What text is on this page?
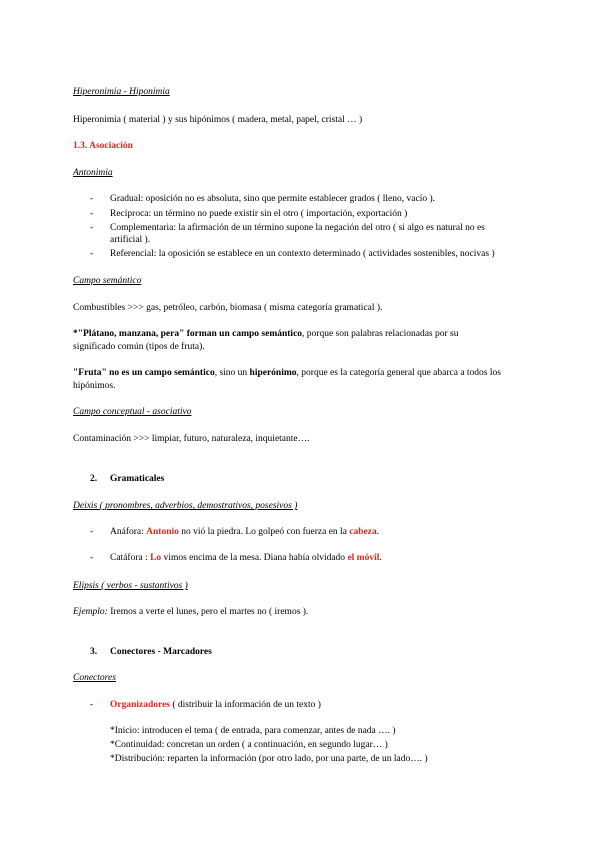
Hiperonimia - Hiponimia
Hiperonimia ( material ) y sus hipónimos ( madera, metal, papel, cristal … )
1.3. Asociación
Antonimia
- Gradual: oposición no es absoluta, sino que permite establecer grados ( lleno, vacío ).
- Recíproca: un término no puede existir sin el otro ( importación, exportación )
- Complementaria: la afirmación de un término supone la negación del otro ( si algo es natural no es
artificial ).
- Referencial: la oposición se establece en un contexto determinado ( actividades sostenibles, nocivas )
Campo semántico
Combustibles >>> gas, petróleo, carbón, biomasa ( misma categoría gramatical ).
*"Plátano, manzana, pera" forman un campo semántico, porque son palabras relacionadas por su
significado común (tipos de fruta).
"Fruta" no es un campo semántico, sino un hiperónimo, porque es la categoría general que abarca a todos los
hipónimos.
Campo conceptual - asociativo
Contaminación >>> limpiar, futuro, naturaleza, inquietante….
2. Gramaticales
Deixis ( pronombres, adverbios, demostrativos, posesivos )
- Anáfora: Antonio no vió la piedra. Lo golpeó con fuerza en la cabeza.
- Catáfora : Lo vimos encima de la mesa. Diana había olvidado el móvil.
Elipsis ( verbos - sustantivos )
Ejemplo: Iremos a verte el lunes, pero el martes no ( iremos ).
3. Conectores - Marcadores
Conectores
- Organizadores ( distribuir la información de un texto )
*Inicio: introducen el tema ( de entrada, para comenzar, antes de nada …. )
*Continuidad: concretan un orden ( a continuación, en segundo lugar… )
*Distribución: reparten la información (por otro lado, por una parte, de un lado…. )
